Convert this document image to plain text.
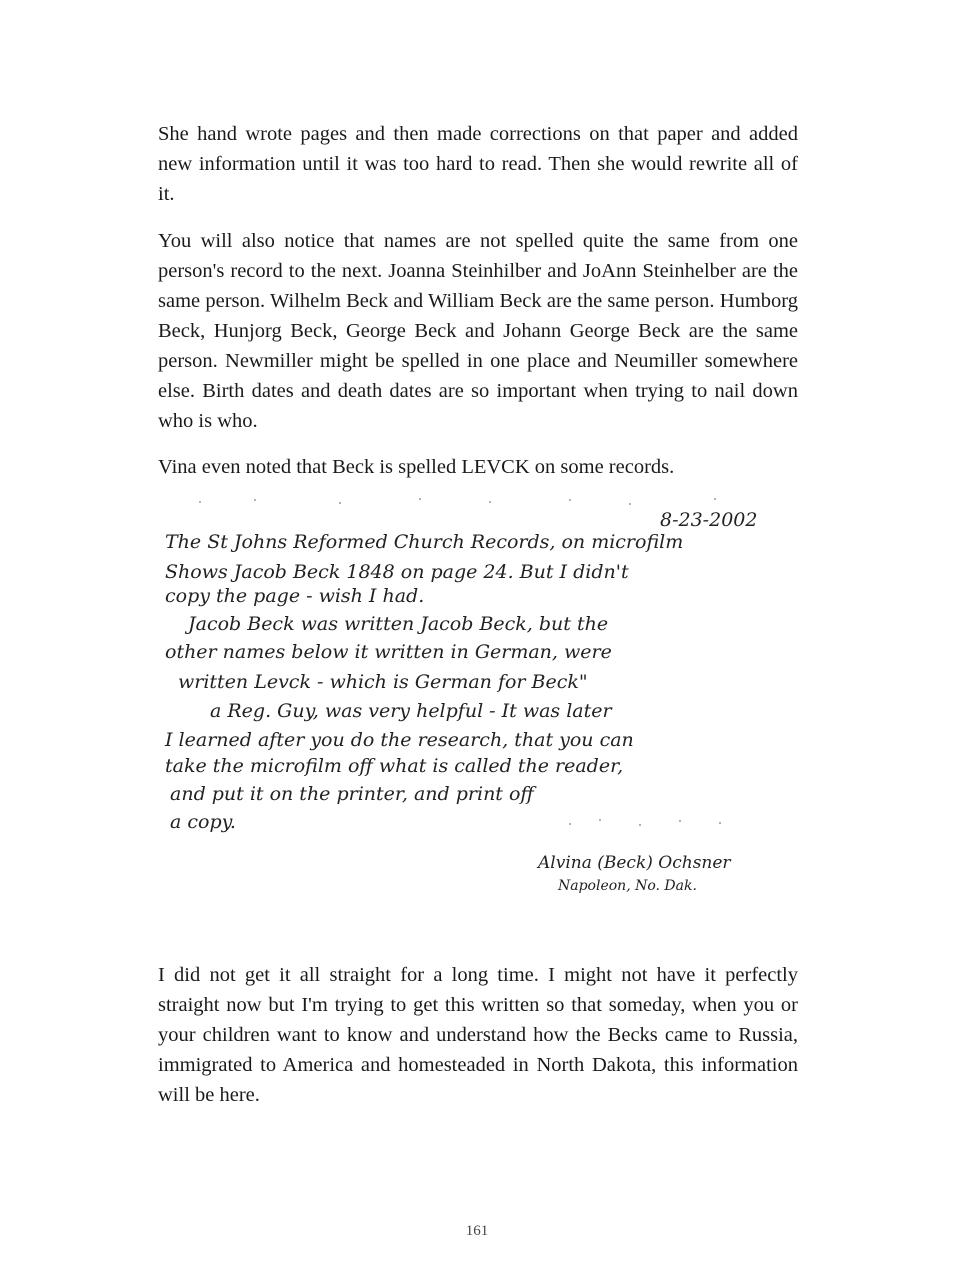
She hand wrote pages and then made corrections on that paper and added new information until it was too hard to read. Then she would rewrite all of it.

You will also notice that names are not spelled quite the same from one person's record to the next. Joanna Steinhilber and JoAnn Steinhelber are the same person. Wilhelm Beck and William Beck are the same person. Humborg Beck, Hunjorg Beck, George Beck and Johann George Beck are the same person. Newmiller might be spelled in one place and Neumiller somewhere else. Birth dates and death dates are so important when trying to nail down who is who.

Vina even noted that Beck is spelled LEVCK on some records.

8-23-2002
The St Johns Reformed Church Records, on microfilm
Shows Jacob Beck 1848 on page 24. But I didn't
copy the page - wish I had.
Jacob Beck was written Jacob Beck, but the
other names below it written in German, were
written Levck - which is German for Beck"
a Reg. Guy, was very helpful - It was later
I learned after you do the research, that you can
take the microfilm off what is called the reader,
and put it on the printer, and print off
a copy.
Alvina (Beck) Ochsner
Napoleon, No. Dak.

I did not get it all straight for a long time. I might not have it perfectly straight now but I'm trying to get this written so that someday, when you or your children want to know and understand how the Becks came to Russia, immigrated to America and homesteaded in North Dakota, this information will be here.

161
